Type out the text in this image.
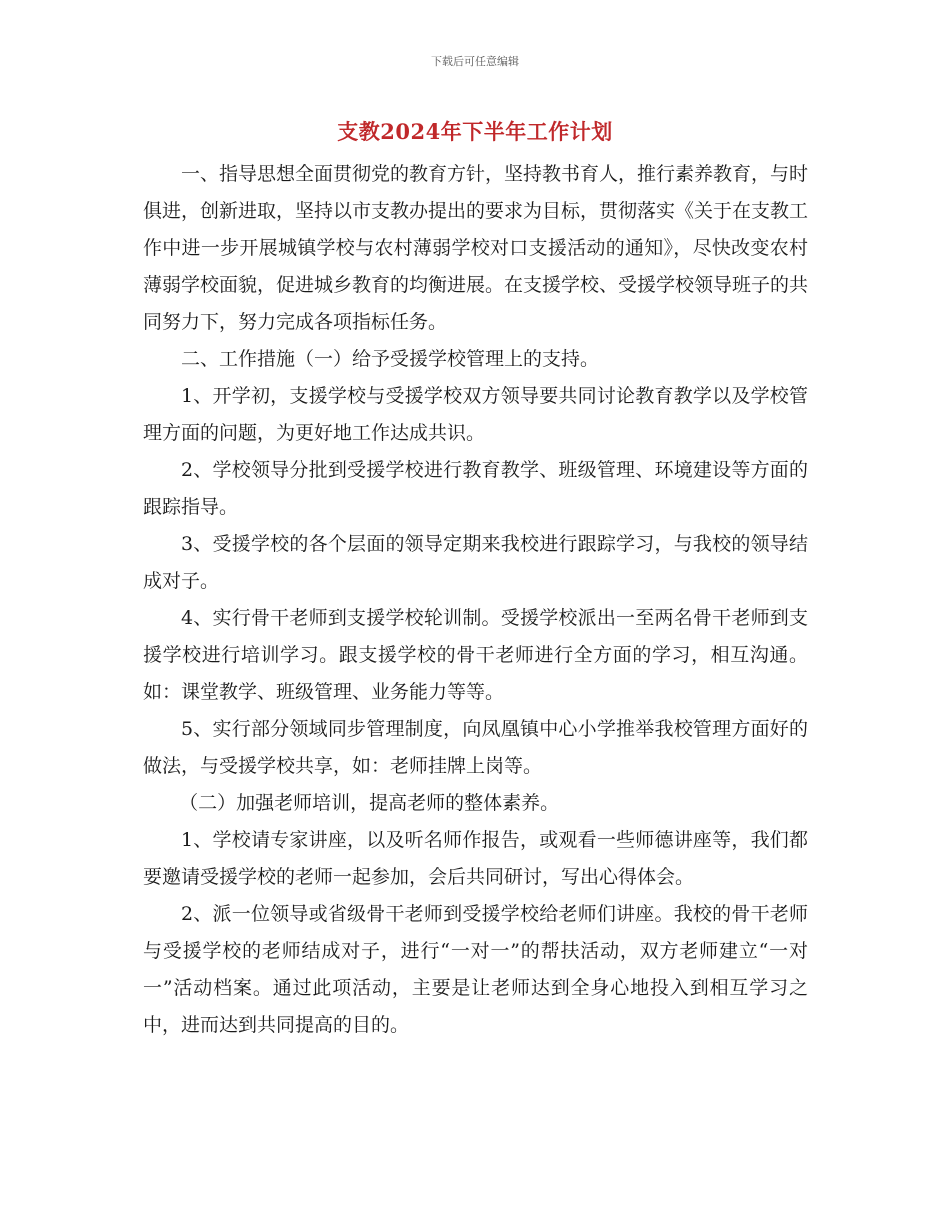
下载后可任意编辑
支教2024年下半年工作计划

一、指导思想全面贯彻党的教育方针，坚持教书育人，推行素养教育，与时俱进，创新进取，坚持以市支教办提出的要求为目标，贯彻落实《关于在支教工作中进一步开展城镇学校与农村薄弱学校对口支援活动的通知》，尽快改变农村薄弱学校面貌，促进城乡教育的均衡进展。在支援学校、受援学校领导班子的共同努力下，努力完成各项指标任务。

二、工作措施（一）给予受援学校管理上的支持。

1、开学初，支援学校与受援学校双方领导要共同讨论教育教学以及学校管理方面的问题，为更好地工作达成共识。

2、学校领导分批到受援学校进行教育教学、班级管理、环境建设等方面的跟踪指导。

3、受援学校的各个层面的领导定期来我校进行跟踪学习，与我校的领导结成对子。

4、实行骨干老师到支援学校轮训制。受援学校派出一至两名骨干老师到支援学校进行培训学习。跟支援学校的骨干老师进行全方面的学习，相互沟通。如：课堂教学、班级管理、业务能力等等。

5、实行部分领域同步管理制度，向凤凰镇中心小学推举我校管理方面好的做法，与受援学校共享，如：老师挂牌上岗等。

（二）加强老师培训，提高老师的整体素养。

1、学校请专家讲座，以及听名师作报告，或观看一些师德讲座等，我们都要邀请受援学校的老师一起参加，会后共同研讨，写出心得体会。

2、派一位领导或省级骨干老师到受援学校给老师们讲座。我校的骨干老师与受援学校的老师结成对子，进行“一对一”的帮扶活动，双方老师建立“一对一”活动档案。通过此项活动，主要是让老师达到全身心地投入到相互学习之中，进而达到共同提高的目的。
